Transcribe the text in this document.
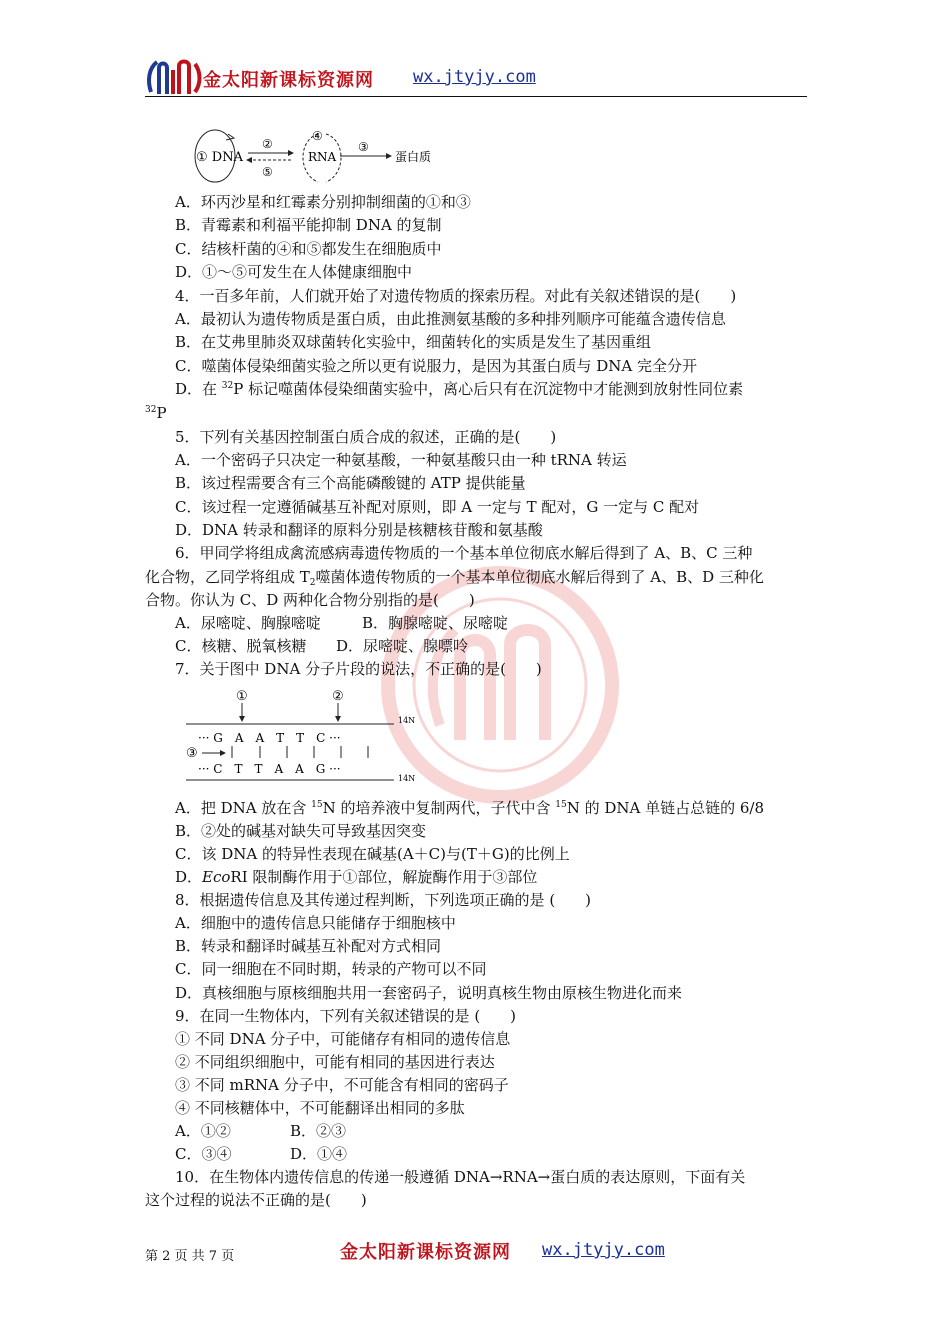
金太阳新课标资源网 wx.jtyjy.com
① DNA
②
⑤
④
RNA
③
蛋白质
A．环丙沙星和红霉素分别抑制细菌的①和③
B．青霉素和利福平能抑制 DNA 的复制
C．结核杆菌的④和⑤都发生在细胞质中
D．①～⑤可发生在人体健康细胞中
4．一百多年前，人们就开始了对遗传物质的探索历程。对此有关叙述错误的是(　　)
A．最初认为遗传物质是蛋白质，由此推测氨基酸的多种排列顺序可能蕴含遗传信息
B．在艾弗里肺炎双球菌转化实验中，细菌转化的实质是发生了基因重组
C．噬菌体侵染细菌实验之所以更有说服力，是因为其蛋白质与 DNA 完全分开
D．在 $^{32}$P 标记噬菌体侵染细菌实验中，离心后只有在沉淀物中才能测到放射性同位素
$^{32}$P
5．下列有关基因控制蛋白质合成的叙述，正确的是(　　)
A．一个密码子只决定一种氨基酸，一种氨基酸只由一种 tRNA 转运
B．该过程需要含有三个高能磷酸键的 ATP 提供能量
C．该过程一定遵循碱基互补配对原则，即 A 一定与 T 配对，G 一定与 C 配对
D．DNA 转录和翻译的原料分别是核糖核苷酸和氨基酸
6．甲同学将组成禽流感病毒遗传物质的一个基本单位彻底水解后得到了 A、B、C 三种
化合物，乙同学将组成 $T_2$噬菌体遗传物质的一个基本单位彻底水解后得到了 A、B、D 三种化
合物。你认为 C、D 两种化合物分别指的是(　　)
A．尿嘧啶、胸腺嘧啶	B．胸腺嘧啶、尿嘧啶
C．核糖、脱氧核糖 D．尿嘧啶、腺嘌呤
7．关于图中 DNA 分子片段的说法，不正确的是(　　)
①	②
14N
··· G　A　A　T　T　C ···
③
··· C　T　T　A　A　G ···
14N
A．把 DNA 放在含 $^{15}$N 的培养液中复制两代，子代中含 $^{15}$N 的 DNA 单链占总链的 6/8
B．②处的碱基对缺失可导致基因突变
C．该 DNA 的特异性表现在碱基(A＋C)与(T＋G)的比例上
D．EcoRI 限制酶作用于①部位，解旋酶作用于③部位
8．根据遗传信息及其传递过程判断，下列选项正确的是 (　　)
A．细胞中的遗传信息只能储存于细胞核中
B．转录和翻译时碱基互补配对方式相同
C．同一细胞在不同时期，转录的产物可以不同
D．真核细胞与原核细胞共用一套密码子，说明真核生物由原核生物进化而来
9．在同一生物体内，下列有关叙述错误的是 (　　)
① 不同 DNA 分子中，可能储存有相同的遗传信息
② 不同组织细胞中，可能有相同的基因进行表达
③ 不同 mRNA 分子中，不可能含有相同的密码子
④ 不同核糖体中，不可能翻译出相同的多肽
A．①②	B．②③
C．③④	D．①④
10．在生物体内遗传信息的传递一般遵循 DNA→RNA→蛋白质的表达原则，下面有关
这个过程的说法不正确的是(　　)
第 2 页 共 7 页	金太阳新课标资源网 wx.jtyjy.com
